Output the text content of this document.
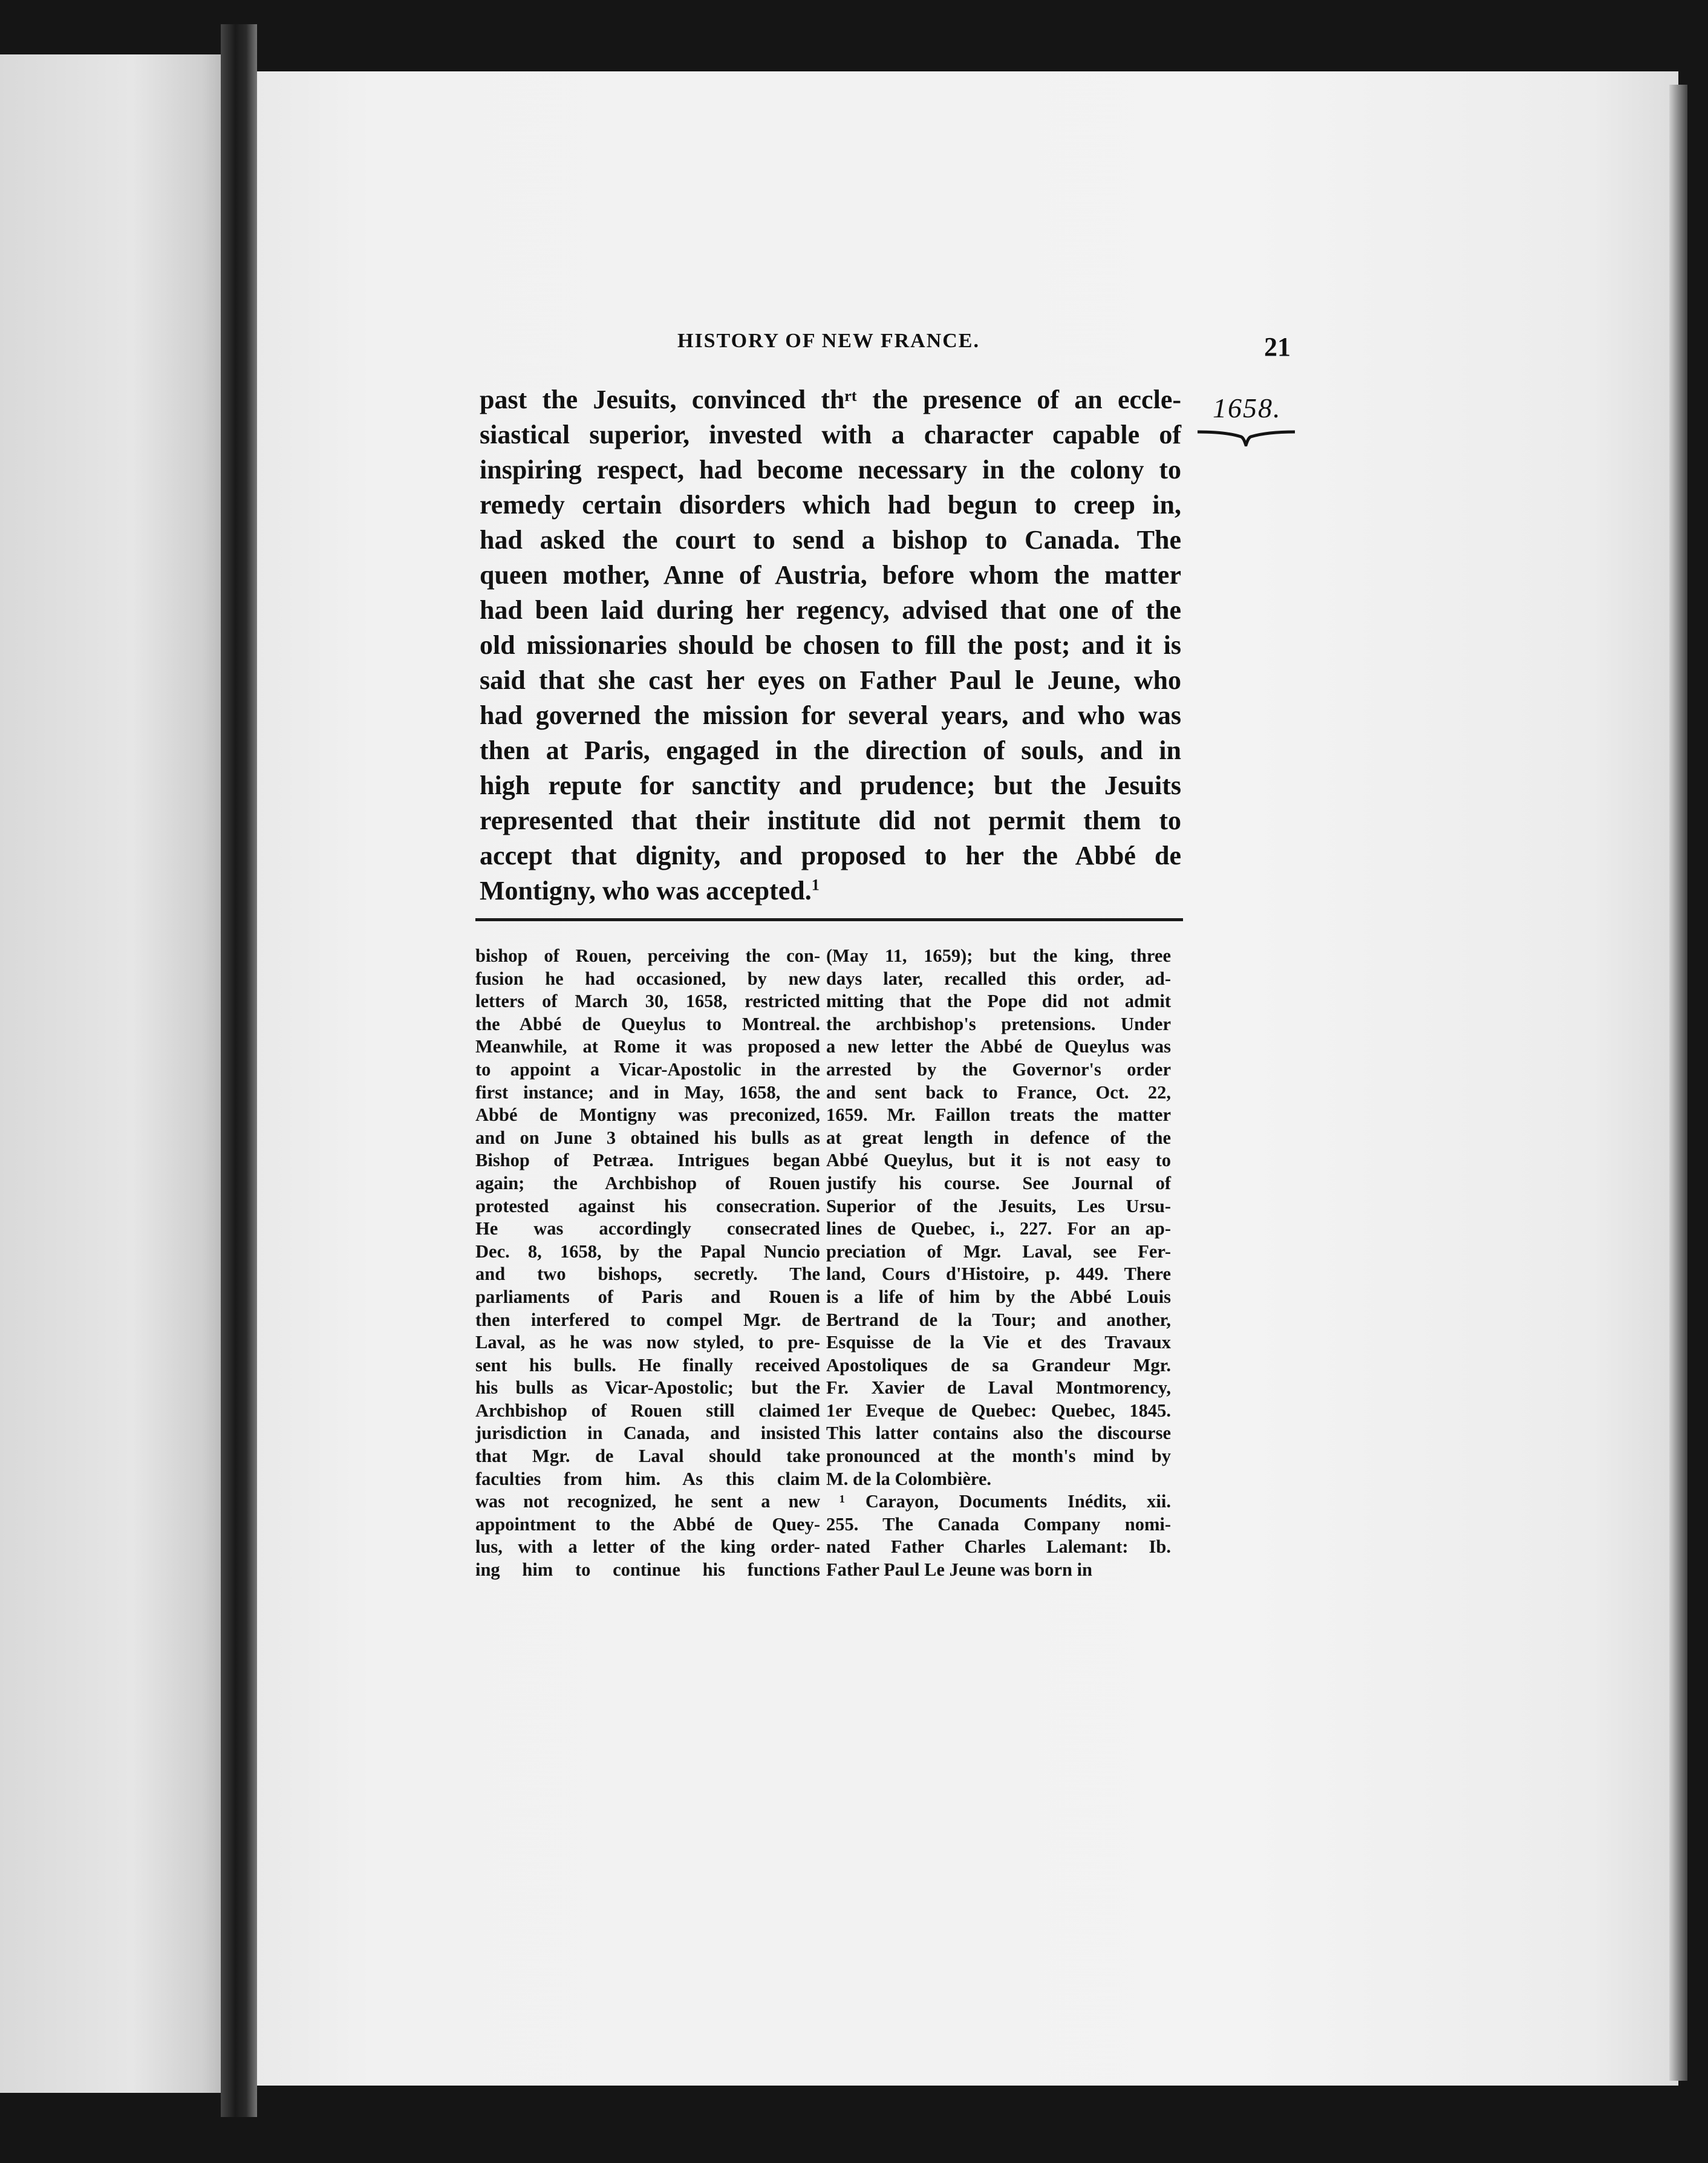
HISTORY OF NEW FRANCE.	21
1658.
past the Jesuits, convinced thʳᵗ the presence of an eccle-
siastical superior, invested with a character capable of
inspiring respect, had become necessary in the colony to
remedy certain disorders which had begun to creep in,
had asked the court to send a bishop to Canada. The
queen mother, Anne of Austria, before whom the matter
had been laid during her regency, advised that one of the
old missionaries should be chosen to fill the post; and it is
said that she cast her eyes on Father Paul le Jeune, who
had governed the mission for several years, and who was
then at Paris, engaged in the direction of souls, and in
high repute for sanctity and prudence; but the Jesuits
represented that their institute did not permit them to
accept that dignity, and proposed to her the Abbé de
Montigny, who was accepted.$^1$
bishop of Rouen, perceiving the con-
fusion he had occasioned, by new
letters of March 30, 1658, restricted
the Abbé de Queylus to Montreal.
Meanwhile, at Rome it was proposed
to appoint a Vicar-Apostolic in the
first instance; and in May, 1658, the
Abbé de Montigny was preconized,
and on June 3 obtained his bulls as
Bishop of Petræa. Intrigues began
again; the Archbishop of Rouen
protested against his consecration.
He was accordingly consecrated
Dec. 8, 1658, by the Papal Nuncio
and two bishops, secretly. The
parliaments of Paris and Rouen
then interfered to compel Mgr. de
Laval, as he was now styled, to pre-
sent his bulls. He finally received
his bulls as Vicar-Apostolic; but the
Archbishop of Rouen still claimed
jurisdiction in Canada, and insisted
that Mgr. de Laval should take
faculties from him. As this claim
was not recognized, he sent a new
appointment to the Abbé de Quey-
lus, with a letter of the king order-
ing him to continue his functions
(May 11, 1659); but the king, three
days later, recalled this order, ad-
mitting that the Pope did not admit
the archbishop's pretensions. Under
a new letter the Abbé de Queylus was
arrested by the Governor's order
and sent back to France, Oct. 22,
1659. Mr. Faillon treats the matter
at great length in defence of the
Abbé Queylus, but it is not easy to
justify his course. See Journal of
Superior of the Jesuits, Les Ursu-
lines de Quebec, i., 227. For an ap-
preciation of Mgr. Laval, see Fer-
land, Cours d'Histoire, p. 449. There
is a life of him by the Abbé Louis
Bertrand de la Tour; and another,
Esquisse de la Vie et des Travaux
Apostoliques de sa Grandeur Mgr.
Fr. Xavier de Laval Montmorency,
1er Eveque de Quebec: Quebec, 1845.
This latter contains also the discourse
pronounced at the month's mind by
M. de la Colombière.
¹ Carayon, Documents Inédits, xii.
255. The Canada Company nomi-
nated Father Charles Lalemant: Ib.
Father Paul Le Jeune was born in
